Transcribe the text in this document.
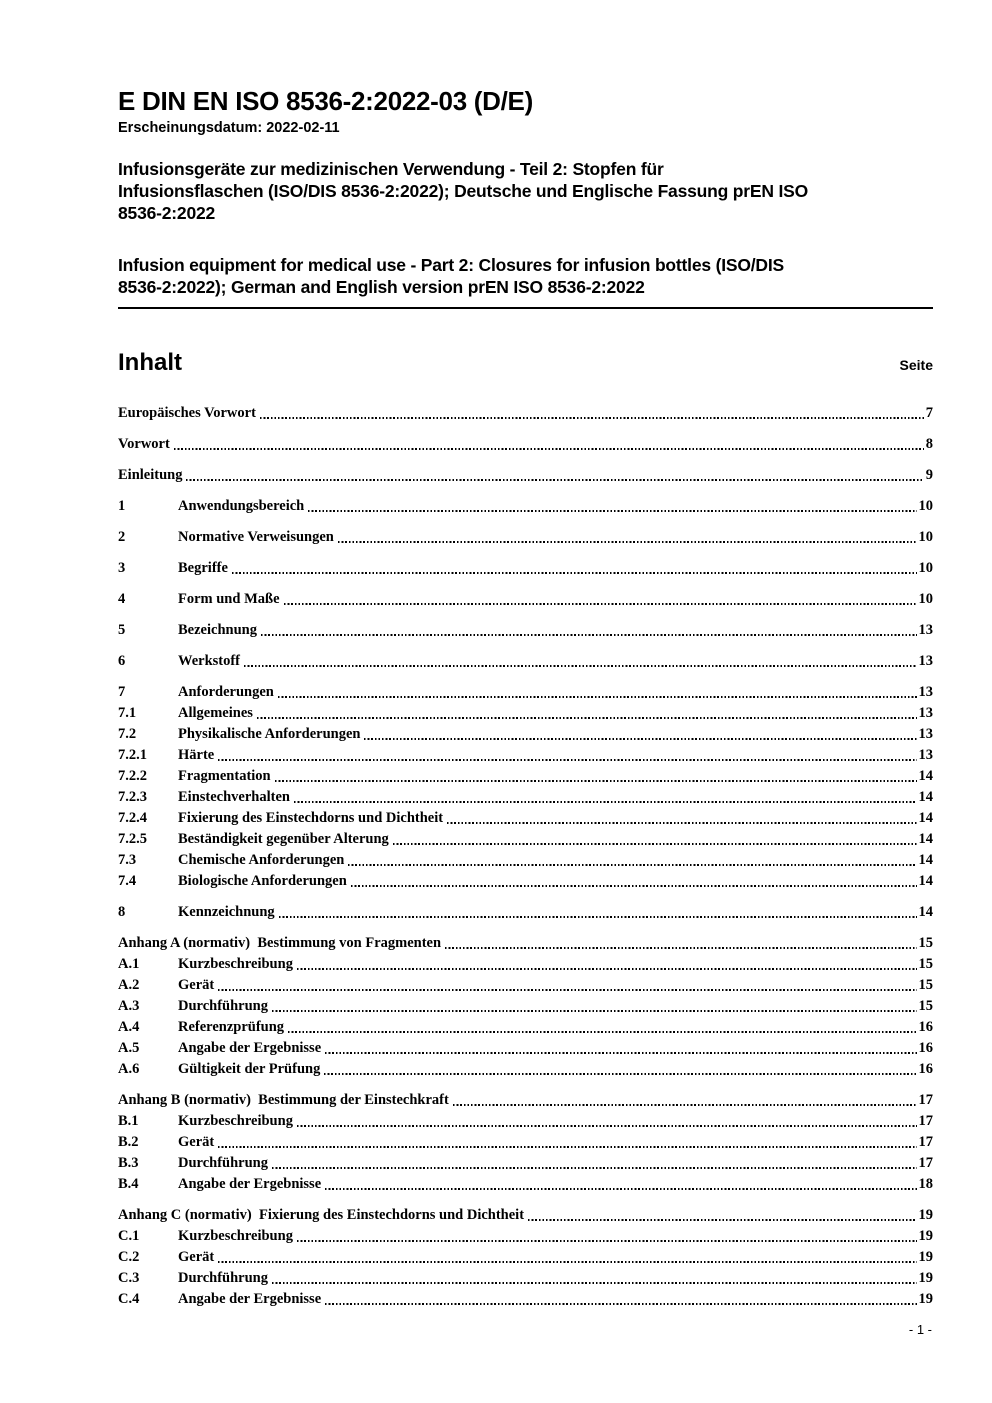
E DIN EN ISO 8536-2:2022-03 (D/E)
Erscheinungsdatum: 2022-02-11
Infusionsgeräte zur medizinischen Verwendung - Teil 2: Stopfen für
Infusionsflaschen (ISO/DIS 8536-2:2022); Deutsche und Englische Fassung prEN ISO
8536-2:2022
Infusion equipment for medical use - Part 2: Closures for infusion bottles (ISO/DIS
8536-2:2022); German and English version prEN ISO 8536-2:2022
Inhalt	Seite
Europäisches Vorwort	7
Vorwort	8
Einleitung	9
1	Anwendungsbereich	10
2	Normative Verweisungen	10
3	Begriffe	10
4	Form und Maße	10
5	Bezeichnung	13
6	Werkstoff	13
7	Anforderungen	13
7.1	Allgemeines	13
7.2	Physikalische Anforderungen	13
7.2.1	Härte	13
7.2.2	Fragmentation	14
7.2.3	Einstechverhalten	14
7.2.4	Fixierung des Einstechdorns und Dichtheit	14
7.2.5	Beständigkeit gegenüber Alterung	14
7.3	Chemische Anforderungen	14
7.4	Biologische Anforderungen	14
8	Kennzeichnung	14
Anhang A (normativ)  Bestimmung von Fragmenten	15
A.1	Kurzbeschreibung	15
A.2	Gerät	15
A.3	Durchführung	15
A.4	Referenzprüfung	16
A.5	Angabe der Ergebnisse	16
A.6	Gültigkeit der Prüfung	16
Anhang B (normativ)  Bestimmung der Einstechkraft	17
B.1	Kurzbeschreibung	17
B.2	Gerät	17
B.3	Durchführung	17
B.4	Angabe der Ergebnisse	18
Anhang C (normativ)  Fixierung des Einstechdorns und Dichtheit	19
C.1	Kurzbeschreibung	19
C.2	Gerät	19
C.3	Durchführung	19
C.4	Angabe der Ergebnisse	19
- 1 -
